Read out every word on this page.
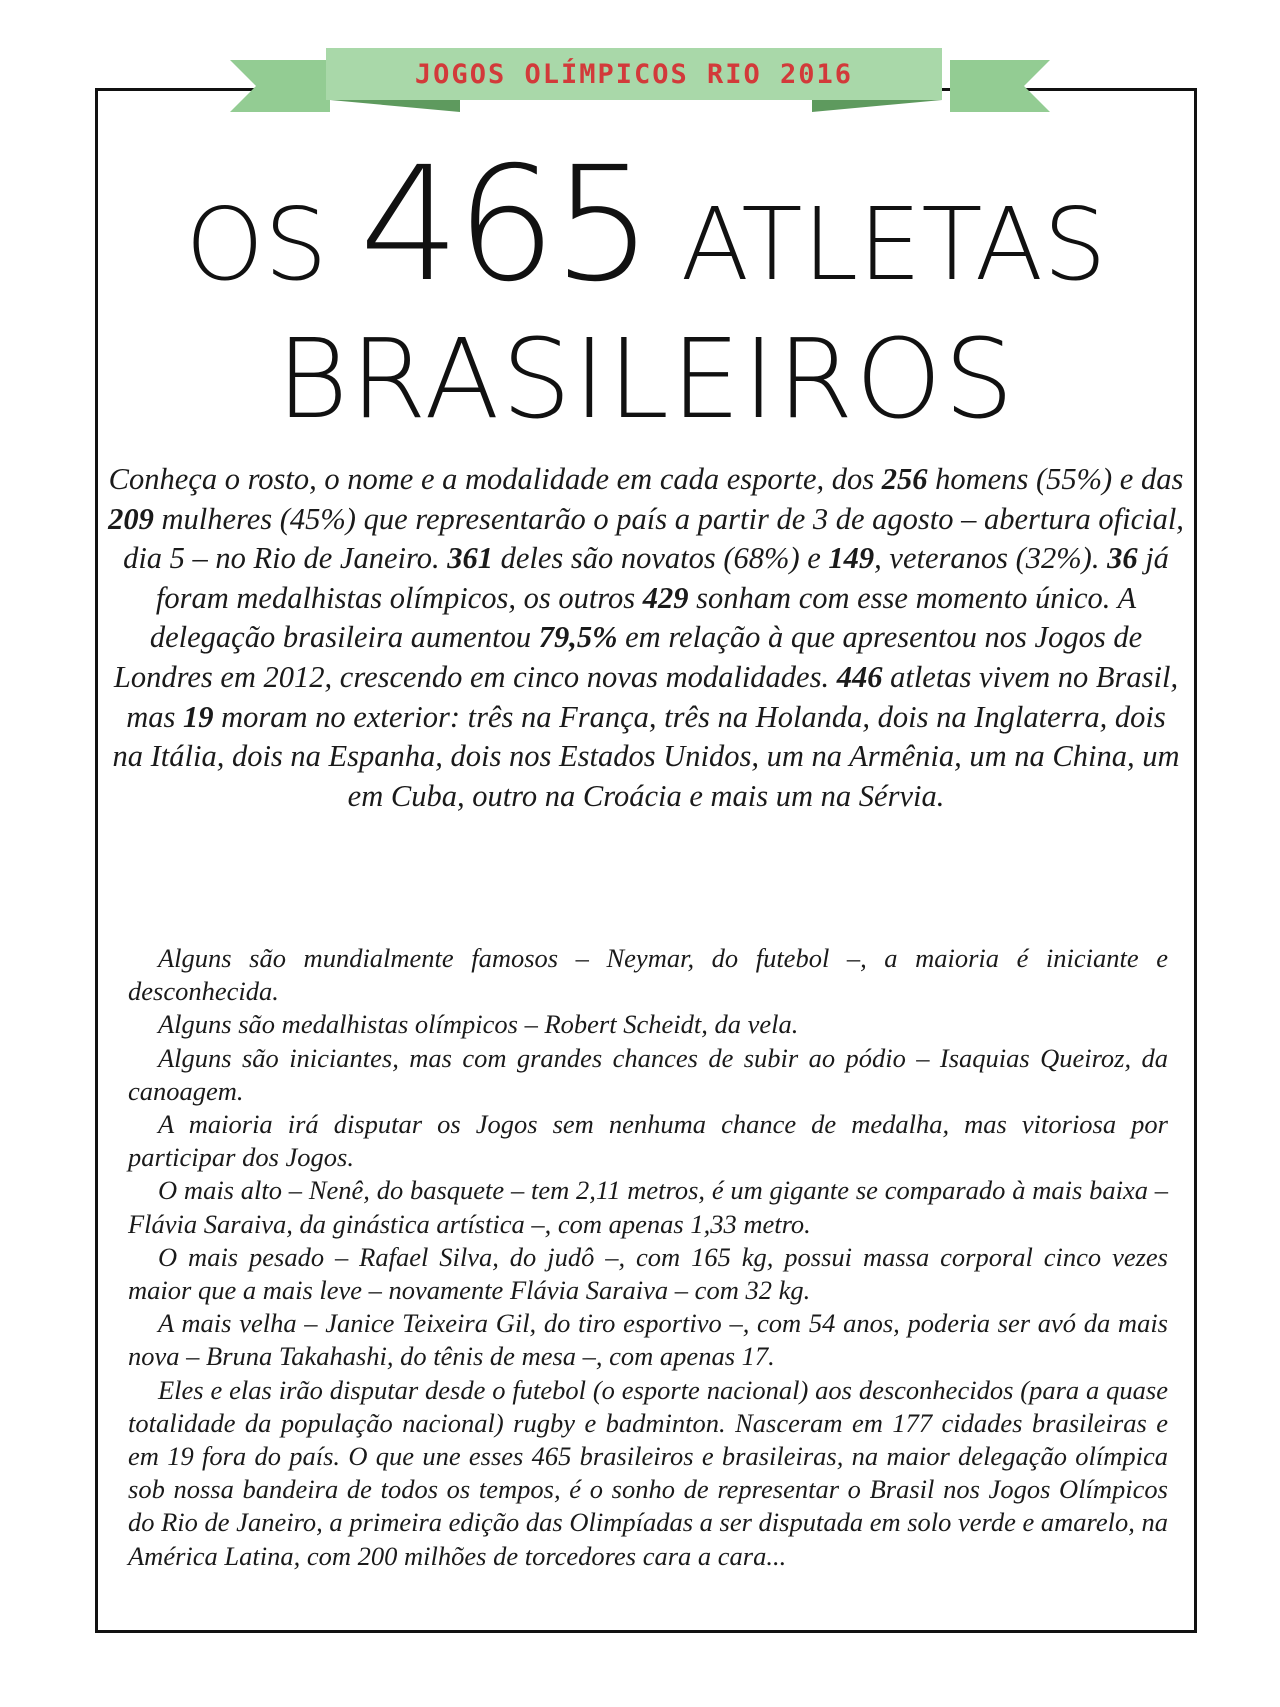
JOGOS OLÍMPICOS RIO 2016
OS 465 ATLETAS
BRASILEIROS

Conheça o rosto, o nome e a modalidade em cada esporte, dos 256 homens (55%) e das 209 mulheres (45%) que representarão o país a partir de 3 de agosto – abertura oficial, dia 5 – no Rio de Janeiro. 361 deles são novatos (68%) e 149, veteranos (32%). 36 já foram medalhistas olímpicos, os outros 429 sonham com esse momento único. A delegação brasileira aumentou 79,5% em relação à que apresentou nos Jogos de Londres em 2012, crescendo em cinco novas modalidades. 446 atletas vivem no Brasil, mas 19 moram no exterior: três na França, três na Holanda, dois na Inglaterra, dois na Itália, dois na Espanha, dois nos Estados Unidos, um na Armênia, um na China, um em Cuba, outro na Croácia e mais um na Sérvia.

Alguns são mundialmente famosos – Neymar, do futebol –, a maioria é iniciante e desconhecida.

Alguns são medalhistas olímpicos – Robert Scheidt, da vela.

Alguns são iniciantes, mas com grandes chances de subir ao pódio – Isaquias Queiroz, da canoagem.

A maioria irá disputar os Jogos sem nenhuma chance de medalha, mas vitoriosa por participar dos Jogos.

O mais alto – Nenê, do basquete – tem 2,11 metros, é um gigante se comparado à mais baixa – Flávia Saraiva, da ginástica artística –, com apenas 1,33 metro.

O mais pesado – Rafael Silva, do judô –, com 165 kg, possui massa corporal cinco vezes maior que a mais leve – novamente Flávia Saraiva – com 32 kg.

A mais velha – Janice Teixeira Gil, do tiro esportivo –, com 54 anos, poderia ser avó da mais nova – Bruna Takahashi, do tênis de mesa –, com apenas 17.

Eles e elas irão disputar desde o futebol (o esporte nacional) aos desconhecidos (para a quase totalidade da população nacional) rugby e badminton. Nasceram em 177 cidades brasileiras e em 19 fora do país. O que une esses 465 brasileiros e brasileiras, na maior delegação olímpica sob nossa bandeira de todos os tempos, é o sonho de representar o Brasil nos Jogos Olímpicos do Rio de Janeiro, a primeira edição das Olimpíadas a ser disputada em solo verde e amarelo, na América Latina, com 200 milhões de torcedores cara a cara...
